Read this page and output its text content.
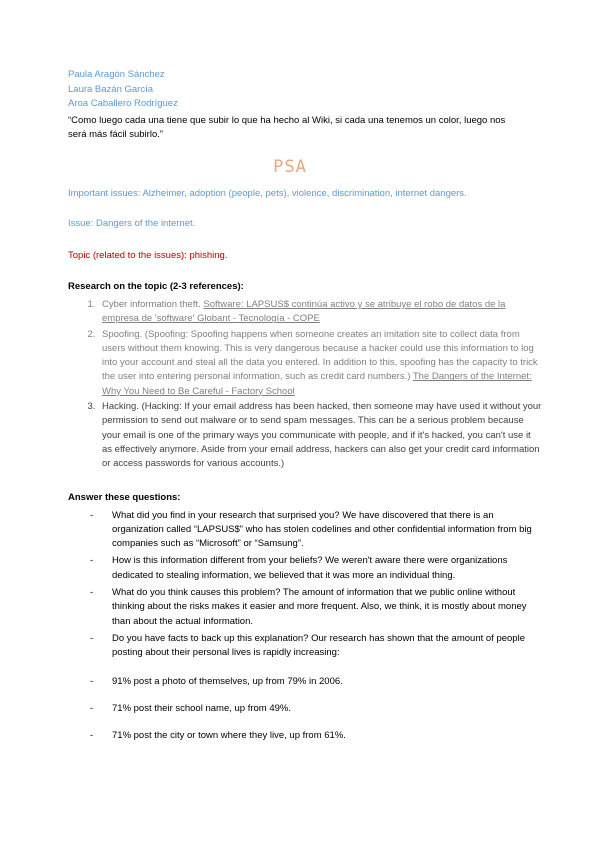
Paula Aragón Sánchez
Laura Bazán García
Aroa Caballero Rodríguez
“Como luego cada una tiene que subir lo que ha hecho al Wiki, si cada una tenemos un color, luego nos será más fácil subirlo.”
PSA
Important issues: Alzheimer, adoption (people, pets), violence, discrimination, internet dangers.
Issue: Dangers of the internet.
Topic (related to the issues): phishing.
Research on the topic (2-3 references):
1. Cyber information theft. Software: LAPSUS$ continúa activo y se atribuye el robo de datos de la empresa de 'software' Globant - Tecnología - COPE
2. Spoofing. (Spoofing: Spoofing happens when someone creates an imitation site to collect data from users without them knowing. This is very dangerous because a hacker could use this information to log into your account and steal all the data you entered. In addition to this, spoofing has the capacity to trick the user into entering personal information, such as credit card numbers.) The Dangers of the Internet: Why You Need to Be Careful - Factory School
3. Hacking. (Hacking: If your email address has been hacked, then someone may have used it without your permission to send out malware or to send spam messages. This can be a serious problem because your email is one of the primary ways you communicate with people, and if it's hacked, you can't use it as effectively anymore. Aside from your email address, hackers can also get your credit card information or access passwords for various accounts.)
Answer these questions:
- What did you find in your research that surprised you? We have discovered that there is an organization called “LAPSUS$” who has stolen codelines and other confidential information from big companies such as “Microsoft” or “Samsung”.
- How is this information different from your beliefs? We weren't aware there were organizations dedicated to stealing information, we believed that it was more an individual thing.
- What do you think causes this problem? The amount of information that we public online without thinking about the risks makes it easier and more frequent. Also, we think, it is mostly about money than about the actual information.
- Do you have facts to back up this explanation? Our research has shown that the amount of people posting about their personal lives is rapidly increasing:
- 91% post a photo of themselves, up from 79% in 2006.
- 71% post their school name, up from 49%.
- 71% post the city or town where they live, up from 61%.
